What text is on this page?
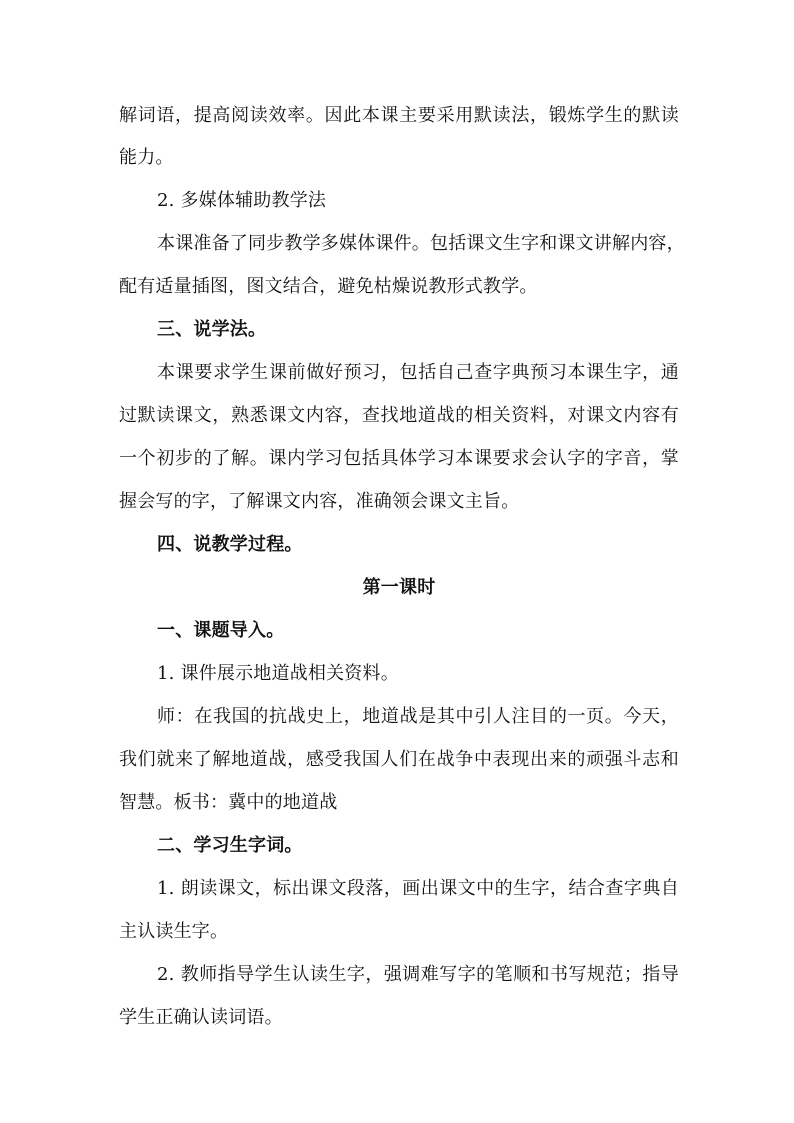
解词语，提高阅读效率。因此本课主要采用默读法，锻炼学生的默读
能力。
2. 多媒体辅助教学法
本课准备了同步教学多媒体课件。包括课文生字和课文讲解内容，
配有适量插图，图文结合，避免枯燥说教形式教学。
三、说学法。
本课要求学生课前做好预习，包括自己查字典预习本课生字，通
过默读课文，熟悉课文内容，查找地道战的相关资料，对课文内容有
一个初步的了解。课内学习包括具体学习本课要求会认字的字音，掌
握会写的字，了解课文内容，准确领会课文主旨。
四、说教学过程。
第一课时
一、课题导入。
1. 课件展示地道战相关资料。
师：在我国的抗战史上，地道战是其中引人注目的一页。今天，
我们就来了解地道战，感受我国人们在战争中表现出来的顽强斗志和
智慧。板书：冀中的地道战
二、学习生字词。
1. 朗读课文，标出课文段落，画出课文中的生字，结合查字典自
主认读生字。
2. 教师指导学生认读生字，强调难写字的笔顺和书写规范；指导
学生正确认读词语。
